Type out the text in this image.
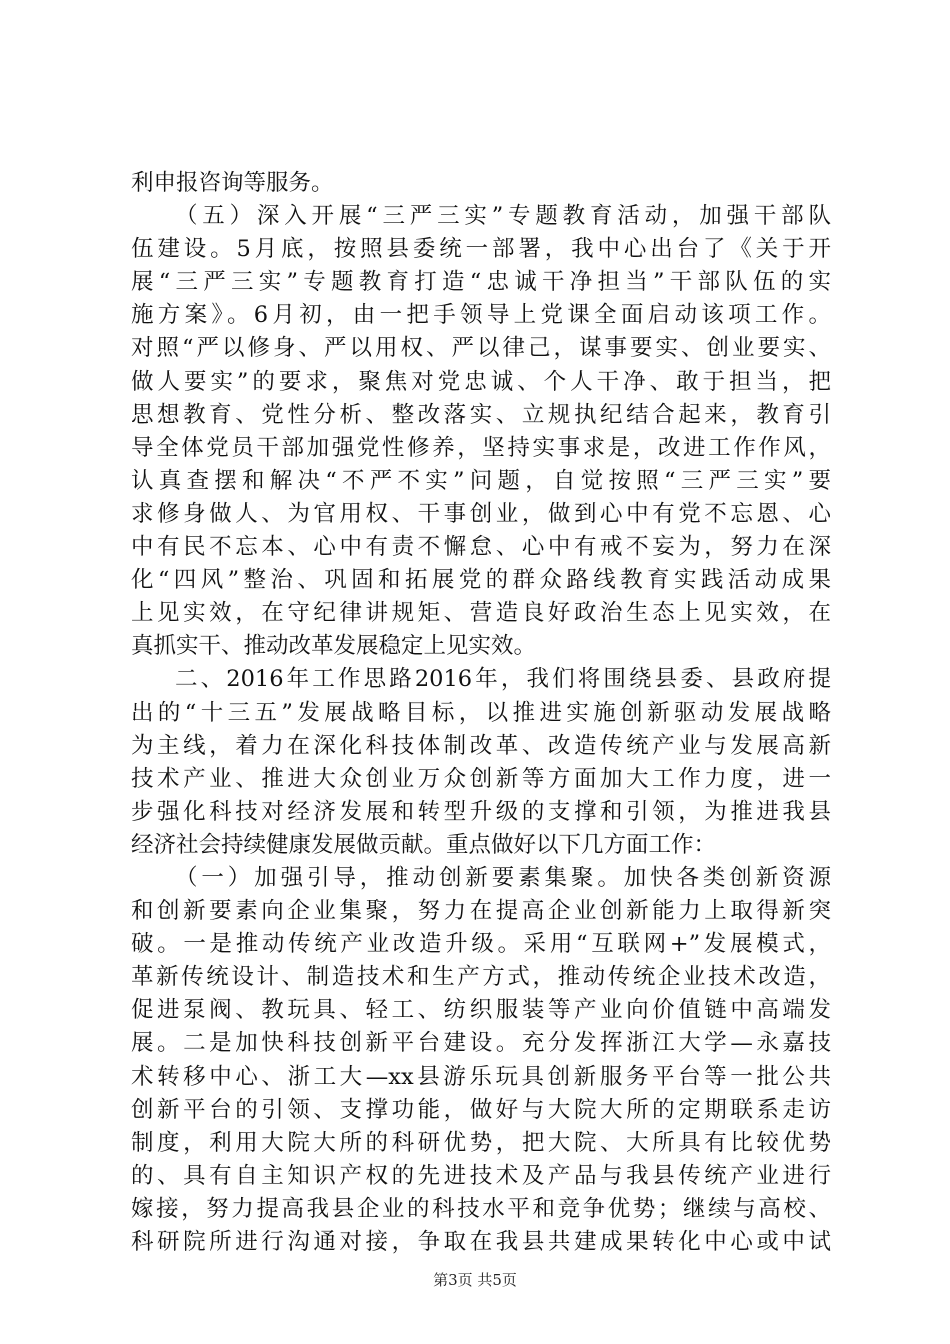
利申报咨询等服务。
（五）深入开展“三严三实”专题教育活动，加强干部队
伍建设。5月底，按照县委统一部署，我中心出台了《关于开
展“三严三实”专题教育打造“忠诚干净担当”干部队伍的实
施方案》。6月初，由一把手领导上党课全面启动该项工作。
对照“严以修身、严以用权、严以律己，谋事要实、创业要实、
做人要实”的要求，聚焦对党忠诚、个人干净、敢于担当，把
思想教育、党性分析、整改落实、立规执纪结合起来，教育引
导全体党员干部加强党性修养，坚持实事求是，改进工作作风，
认真查摆和解决“不严不实”问题，自觉按照“三严三实”要
求修身做人、为官用权、干事创业，做到心中有党不忘恩、心
中有民不忘本、心中有责不懈怠、心中有戒不妄为，努力在深
化“四风”整治、巩固和拓展党的群众路线教育实践活动成果
上见实效，在守纪律讲规矩、营造良好政治生态上见实效，在
真抓实干、推动改革发展稳定上见实效。
二、2016年工作思路2016年，我们将围绕县委、县政府提
出的“十三五”发展战略目标，以推进实施创新驱动发展战略
为主线，着力在深化科技体制改革、改造传统产业与发展高新
技术产业、推进大众创业万众创新等方面加大工作力度，进一
步强化科技对经济发展和转型升级的支撑和引领，为推进我县
经济社会持续健康发展做贡献。重点做好以下几方面工作：
（一）加强引导，推动创新要素集聚。加快各类创新资源
和创新要素向企业集聚，努力在提高企业创新能力上取得新突
破。一是推动传统产业改造升级。采用“互联网+”发展模式，
革新传统设计、制造技术和生产方式，推动传统企业技术改造，
促进泵阀、教玩具、轻工、纺织服装等产业向价值链中高端发
展。二是加快科技创新平台建设。充分发挥浙江大学—永嘉技
术转移中心、浙工大—xx县游乐玩具创新服务平台等一批公共
创新平台的引领、支撑功能，做好与大院大所的定期联系走访
制度，利用大院大所的科研优势，把大院、大所具有比较优势
的、具有自主知识产权的先进技术及产品与我县传统产业进行
嫁接，努力提高我县企业的科技水平和竞争优势；继续与高校、
科研院所进行沟通对接，争取在我县共建成果转化中心或中试
第3页 共5页
